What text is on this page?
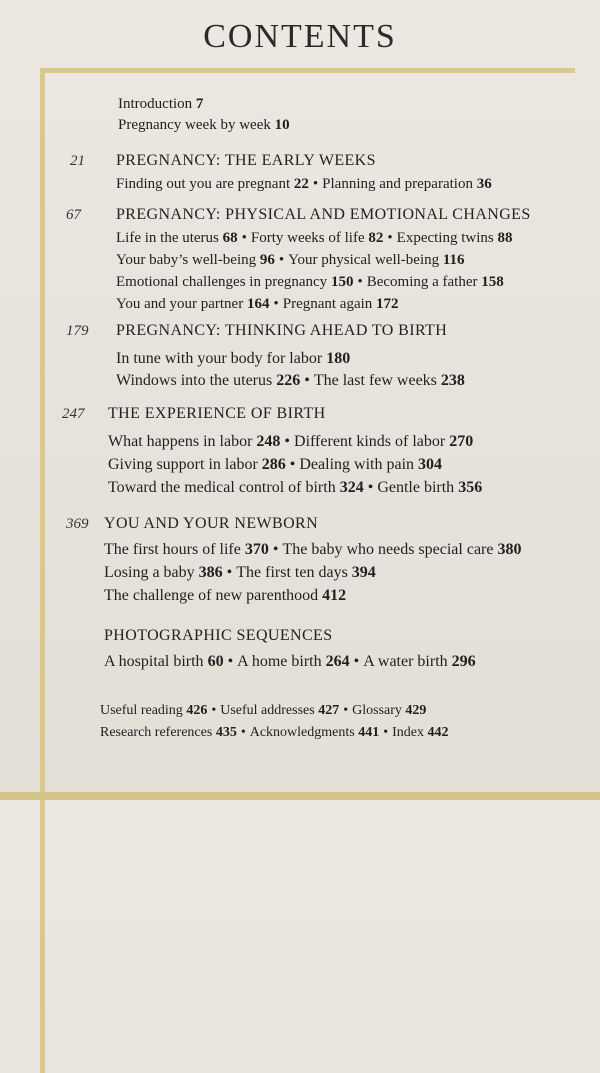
CONTENTS
Introduction 7
Pregnancy week by week 10
21	PREGNANCY: THE EARLY WEEKS
Finding out you are pregnant 22 • Planning and preparation 36
67	PREGNANCY: PHYSICAL AND EMOTIONAL CHANGES
Life in the uterus 68 • Forty weeks of life 82 • Expecting twins 88
Your baby’s well-being 96 • Your physical well-being 116
Emotional challenges in pregnancy 150 • Becoming a father 158
You and your partner 164 • Pregnant again 172
179	PREGNANCY: THINKING AHEAD TO BIRTH
In tune with your body for labor 180
Windows into the uterus 226 • The last few weeks 238
247	THE EXPERIENCE OF BIRTH
What happens in labor 248 • Different kinds of labor 270
Giving support in labor 286 • Dealing with pain 304
Toward the medical control of birth 324 • Gentle birth 356
369 YOU AND YOUR NEWBORN
The first hours of life 370 • The baby who needs special care 380
Losing a baby 386 • The first ten days 394
The challenge of new parenthood 412
PHOTOGRAPHIC SEQUENCES
A hospital birth 60 • A home birth 264 • A water birth 296
Useful reading 426 • Useful addresses 427 • Glossary 429
Research references 435 • Acknowledgments 441 • Index 442
